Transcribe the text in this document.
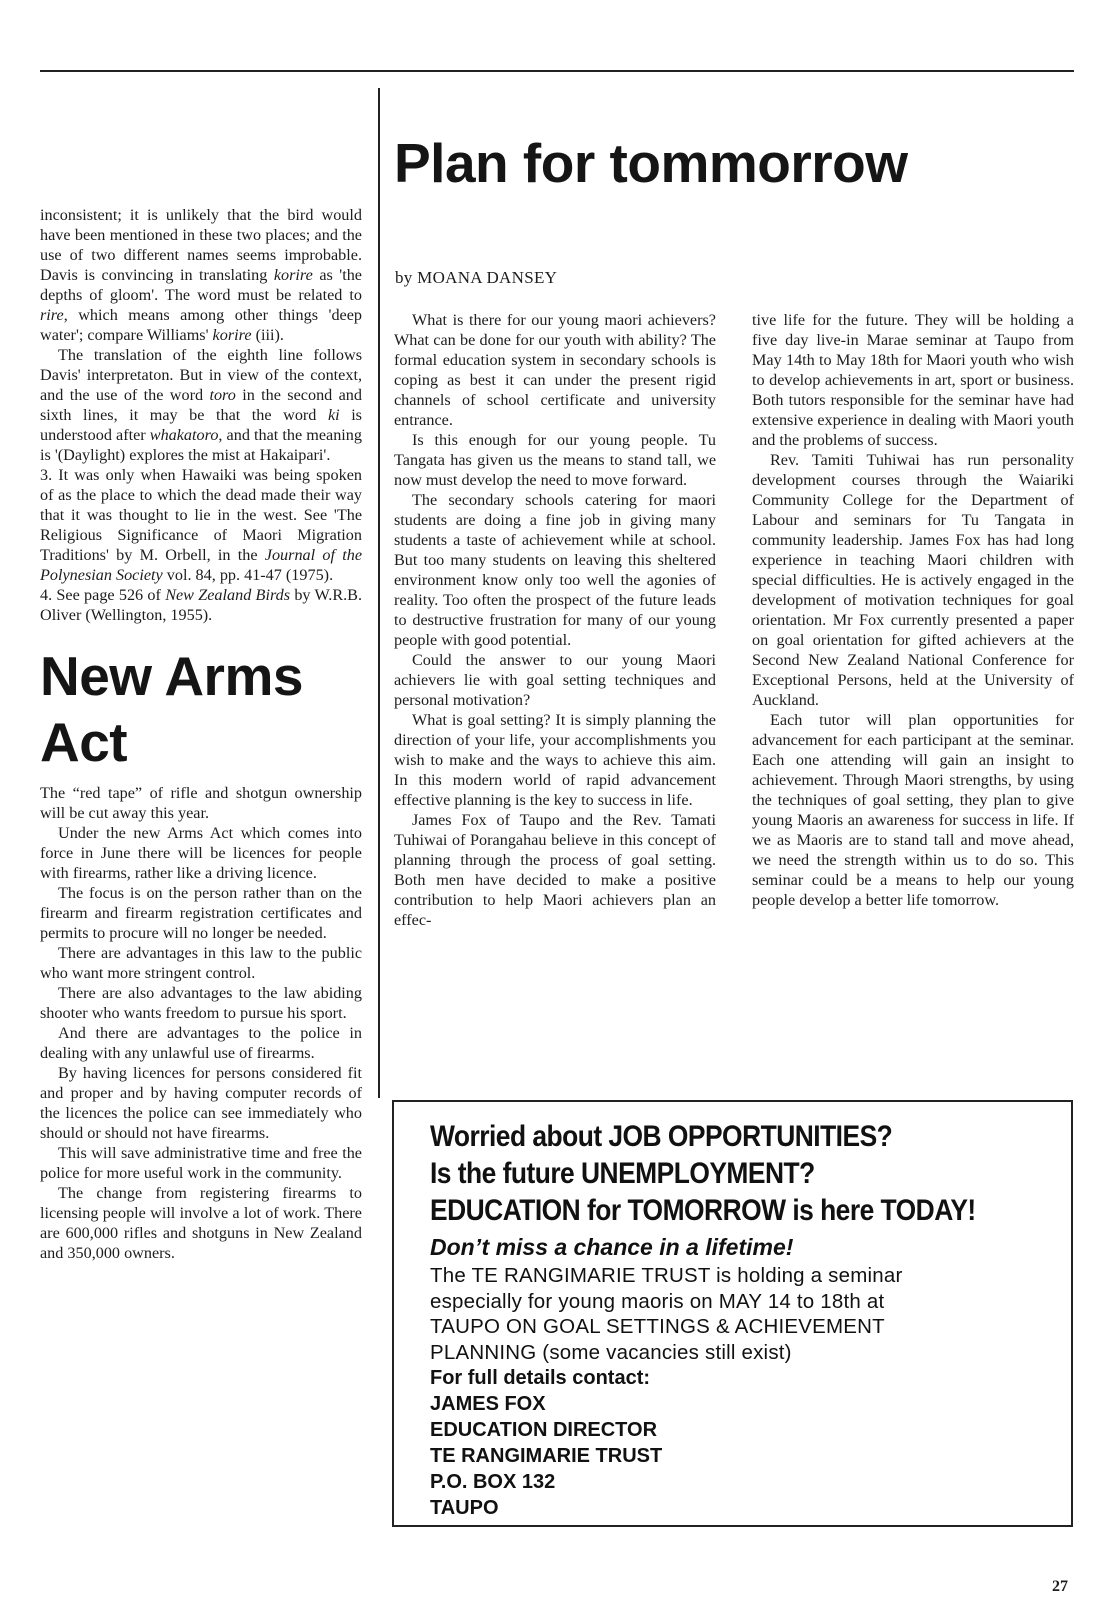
inconsistent; it is unlikely that the bird would have been mentioned in these two places; and the use of two different names seems improbable. Davis is convincing in translating korire as 'the depths of gloom'. The word must be related to rire, which means among other things 'deep water'; compare Williams' korire (iii).

The translation of the eighth line follows Davis' interpretaton. But in view of the context, and the use of the word toro in the second and sixth lines, it may be that the word ki is understood after whakatoro, and that the meaning is '(Daylight) explores the mist at Hakaipari'.

3. It was only when Hawaiki was being spoken of as the place to which the dead made their way that it was thought to lie in the west. See 'The Religious Significance of Maori Migration Traditions' by M. Orbell, in the Journal of the Polynesian Society vol. 84, pp. 41-47 (1975).

4. See page 526 of New Zealand Birds by W.R.B. Oliver (Wellington, 1955).

New Arms
Act

The “red tape” of rifle and shotgun ownership will be cut away this year.

Under the new Arms Act which comes into force in June there will be licences for people with firearms, rather like a driving licence.

The focus is on the person rather than on the firearm and firearm registration certificates and permits to procure will no longer be needed.

There are advantages in this law to the public who want more stringent control.

There are also advantages to the law abiding shooter who wants freedom to pursue his sport.

And there are advantages to the police in dealing with any unlawful use of firearms.

By having licences for persons considered fit and proper and by having computer records of the licences the police can see immediately who should or should not have firearms.

This will save administrative time and free the police for more useful work in the community.

The change from registering firearms to licensing people will involve a lot of work. There are 600,000 rifles and shotguns in New Zealand and 350,000 owners.

Plan for tommorrow
by MOANA DANSEY

What is there for our young maori achievers? What can be done for our youth with ability? The formal education system in secondary schools is coping as best it can under the present rigid channels of school certificate and university entrance.

Is this enough for our young people. Tu Tangata has given us the means to stand tall, we now must develop the need to move forward.

The secondary schools catering for maori students are doing a fine job in giving many students a taste of achievement while at school. But too many students on leaving this sheltered environment know only too well the agonies of reality. Too often the prospect of the future leads to destructive frustration for many of our young people with good potential.

Could the answer to our young Maori achievers lie with goal setting techniques and personal motivation?

What is goal setting? It is simply planning the direction of your life, your accomplishments you wish to make and the ways to achieve this aim. In this modern world of rapid advancement effective planning is the key to success in life.

James Fox of Taupo and the Rev. Tamati Tuhiwai of Porangahau believe in this concept of planning through the process of goal setting. Both men have decided to make a positive contribution to help Maori achievers plan an effec-

tive life for the future. They will be holding a five day live-in Marae seminar at Taupo from May 14th to May 18th for Maori youth who wish to develop achievements in art, sport or business. Both tutors responsible for the seminar have had extensive experience in dealing with Maori youth and the problems of success.

Rev. Tamiti Tuhiwai has run personality development courses through the Waiariki Community College for the Department of Labour and seminars for Tu Tangata in community leadership. James Fox has had long experience in teaching Maori children with special difficulties. He is actively engaged in the development of motivation techniques for goal orientation. Mr Fox currently presented a paper on goal orientation for gifted achievers at the Second New Zealand National Conference for Exceptional Persons, held at the University of Auckland.

Each tutor will plan opportunities for advancement for each participant at the seminar. Each one attending will gain an insight to achievement. Through Maori strengths, by using the techniques of goal setting, they plan to give young Maoris an awareness for success in life. If we as Maoris are to stand tall and move ahead, we need the strength within us to do so. This seminar could be a means to help our young people develop a better life tomorrow.

Worried about JOB OPPORTUNITIES?
Is the future UNEMPLOYMENT?
EDUCATION for TOMORROW is here TODAY!
Don’t miss a chance in a lifetime!
The TE RANGIMARIE TRUST is holding a seminar
especially for young maoris on MAY 14 to 18th at
TAUPO ON GOAL SETTINGS & ACHIEVEMENT
PLANNING (some vacancies still exist)
For full details contact:
JAMES FOX
EDUCATION DIRECTOR
TE RANGIMARIE TRUST
P.O. BOX 132
TAUPO
27
